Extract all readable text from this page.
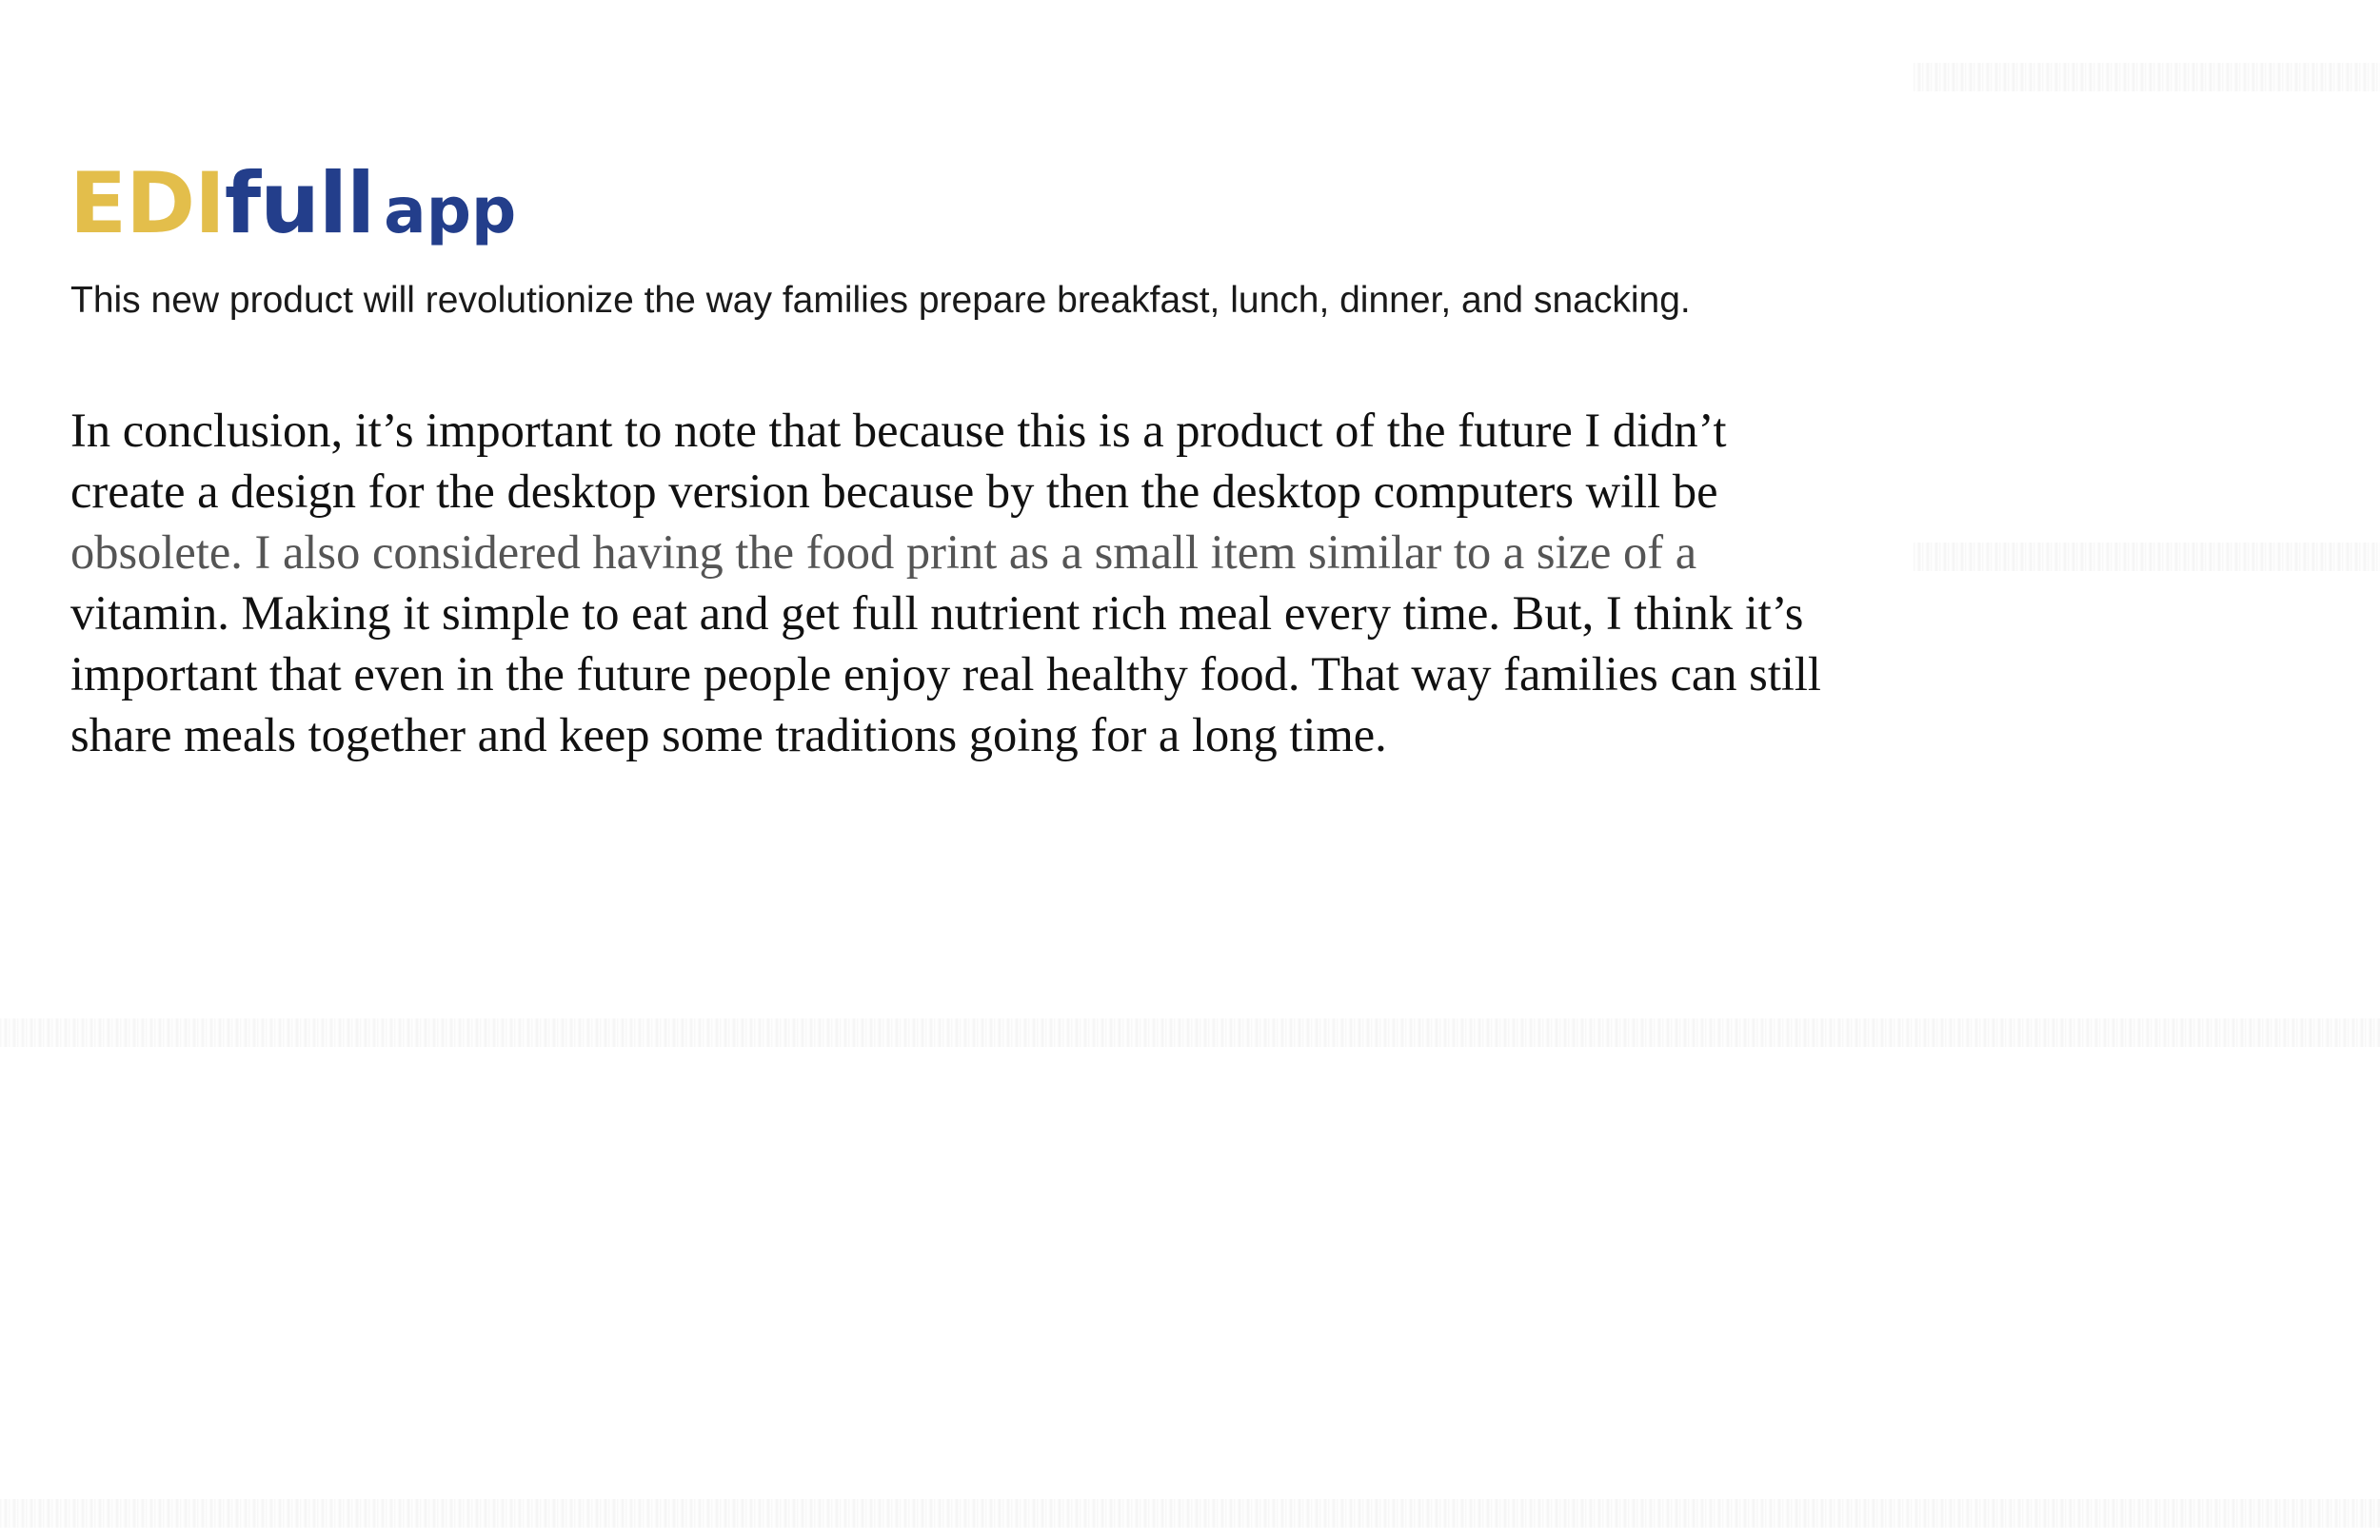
EDIfull app

This new product will revolutionize the way families prepare breakfast, lunch, dinner, and snacking.

In conclusion, it’s important to note that because this is a product of the future I didn’t
create a design for the desktop version because by then the desktop computers will be
obsolete. I also considered having the food print as a small item similar to a size of a
vitamin. Making it simple to eat and get full nutrient rich meal every time. But, I think it’s
important that even in the future people enjoy real healthy food. That way families can still
share meals together and keep some traditions going for a long time.
